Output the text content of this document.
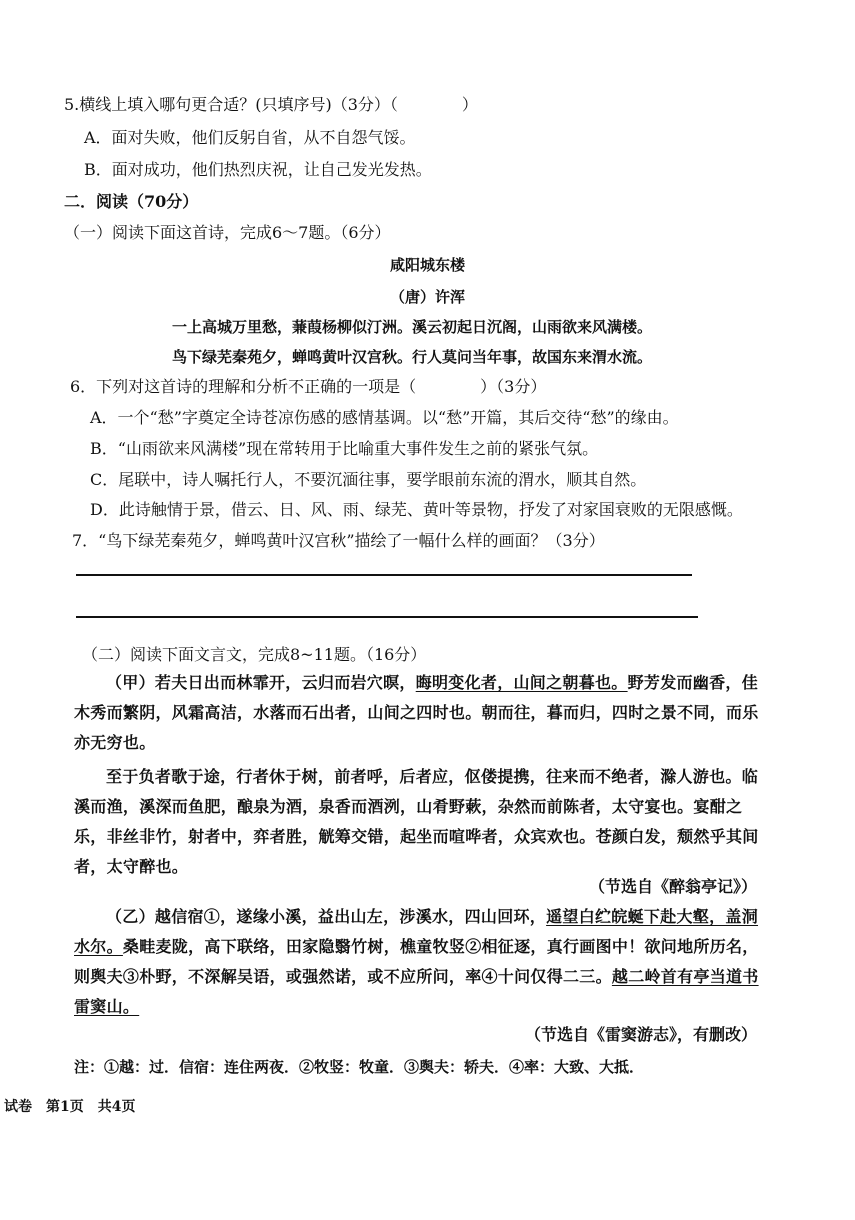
5.横线上填入哪句更合适？(只填序号)（3分）（　　　　）
A．面对失败，他们反躬自省，从不自怨气馁。
B．面对成功，他们热烈庆祝，让自己发光发热。
二．阅读（70分）
（一）阅读下面这首诗，完成6～7题。（6分）
咸阳城东楼
（唐）许浑
一上高城万里愁，蒹葭杨柳似汀洲。溪云初起日沉阁，山雨欲来风满楼。
鸟下绿芜秦苑夕，蝉鸣黄叶汉宫秋。行人莫问当年事，故国东来渭水流。
6．下列对这首诗的理解和分析不正确的一项是（　　　　）（3分）
A．一个“愁”字奠定全诗苍凉伤感的感情基调。以“愁”开篇，其后交待“愁”的缘由。
B．“山雨欲来风满楼”现在常转用于比喻重大事件发生之前的紧张气氛。
C．尾联中，诗人嘱托行人，不要沉湎往事，要学眼前东流的渭水，顺其自然。
D．此诗触情于景，借云、日、风、雨、绿芜、黄叶等景物，抒发了对家国衰败的无限感慨。
7．“鸟下绿芜秦苑夕，蝉鸣黄叶汉宫秋”描绘了一幅什么样的画面？（3分）
（二）阅读下面文言文，完成8~11题。（16分）

（甲）若夫日出而林霏开，云归而岩穴暝，晦明变化者，山间之朝暮也。野芳发而幽香，佳木秀而繁阴，风霜高洁，水落而石出者，山间之四时也。朝而往，暮而归，四时之景不同，而乐亦无穷也。

至于负者歌于途，行者休于树，前者呼，后者应，伛偻提携，往来而不绝者，滁人游也。临溪而渔，溪深而鱼肥，酿泉为酒，泉香而酒洌，山肴野蔌，杂然而前陈者，太守宴也。宴酣之乐，非丝非竹，射者中，弈者胜，觥筹交错，起坐而喧哗者，众宾欢也。苍颜白发，颓然乎其间者，太守醉也。

（节选自《醉翁亭记》）

（乙）越信宿①，遂缘小溪，益出山左，涉溪水，四山回环，遥望白纻皖蜒下赴大壑，盖洞水尔。桑畦麦陇，高下联络，田家隐翳竹树，樵童牧竖②相征逐，真行画图中！欲问地所历名，则舆夫③朴野，不深解吴语，或强然诺，或不应所问，率④十问仅得二三。越二岭首有亭当道书雷窦山。

（节选自《雷窦游志》，有删改）
注：①越：过．信宿：连住两夜．②牧竖：牧童．③舆夫：轿夫．④率：大致、大抵．
试卷　第1页　共4页
